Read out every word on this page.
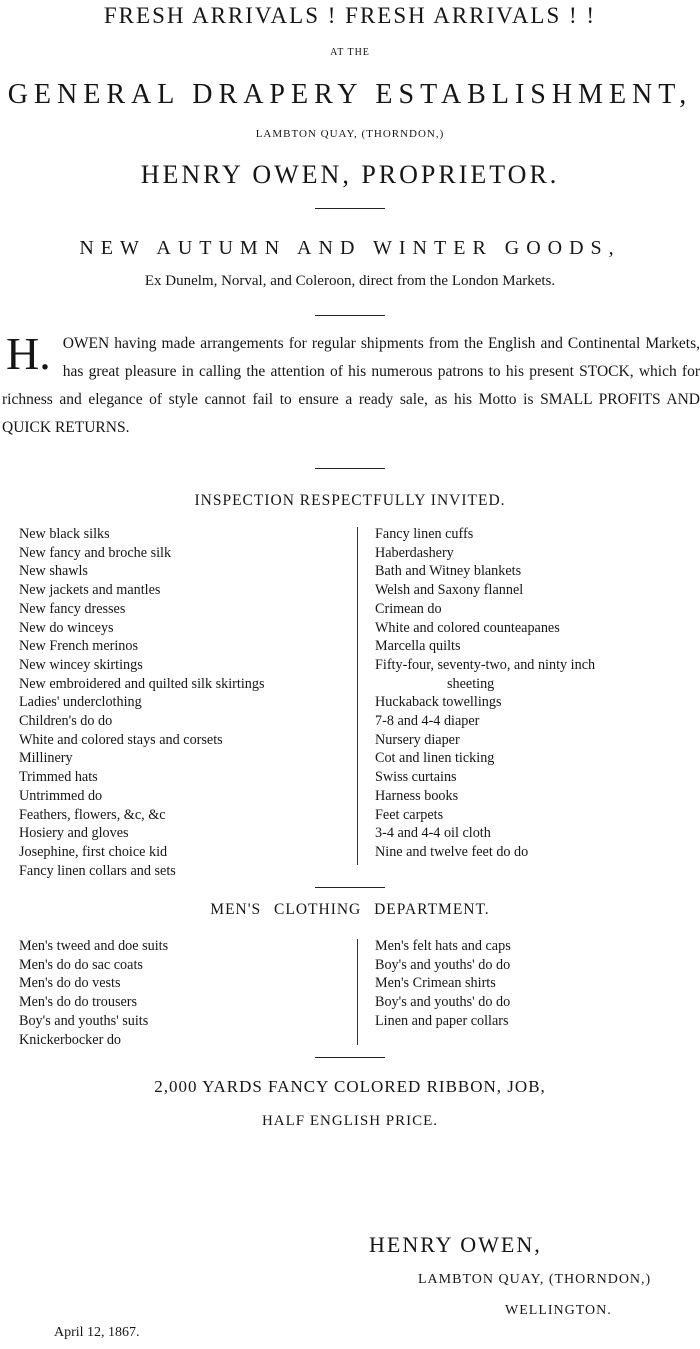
FRESH ARRIVALS ! FRESH ARRIVALS ! !
AT THE
GENERAL DRAPERY ESTABLISHMENT,
LAMBTON QUAY, (THORNDON,)
HENRY OWEN, PROPRIETOR.
NEW AUTUMN AND WINTER GOODS,
Ex Dunelm, Norval, and Coleroon, direct from the London Markets.

H. OWEN having made arrangements for regular shipments from the English and Continental Markets, has great pleasure in calling the attention of his numerous patrons to his present STOCK, which for richness and elegance of style cannot fail to ensure a ready sale, as his Motto is SMALL PROFITS AND QUICK RETURNS.

INSPECTION RESPECTFULLY INVITED.
New black silks
New fancy and broche silk
New shawls
New jackets and mantles
New fancy dresses
New do winceys
New French merinos
New wincey skirtings
New embroidered and quilted silk skirtings
Ladies' underclothing
Children's do do
White and colored stays and corsets
Millinery
Trimmed hats
Untrimmed do
Feathers, flowers, &c, &c
Hosiery and gloves
Josephine, first choice kid
Fancy linen collars and sets
Fancy linen cuffs
Haberdashery
Bath and Witney blankets
Welsh and Saxony flannel
Crimean do
White and colored counteapanes
Marcella quilts
Fifty-four, seventy-two, and ninty inch
sheeting
Huckaback towellings
7-8 and 4-4 diaper
Nursery diaper
Cot and linen ticking
Swiss curtains
Harness books
Feet carpets
3-4 and 4-4 oil cloth
Nine and twelve feet do do
MEN'S CLOTHING DEPARTMENT.
Men's tweed and doe suits
Men's do do sac coats
Men's do do vests
Men's do do trousers
Boy's and youths' suits
Knickerbocker do
Men's felt hats and caps
Boy's and youths' do do
Men's Crimean shirts
Boy's and youths' do do
Linen and paper collars
2,000 YARDS FANCY COLORED RIBBON, JOB,
HALF ENGLISH PRICE.
HENRY OWEN,
LAMBTON QUAY, (THORNDON,)
WELLINGTON.
April 12, 1867.
